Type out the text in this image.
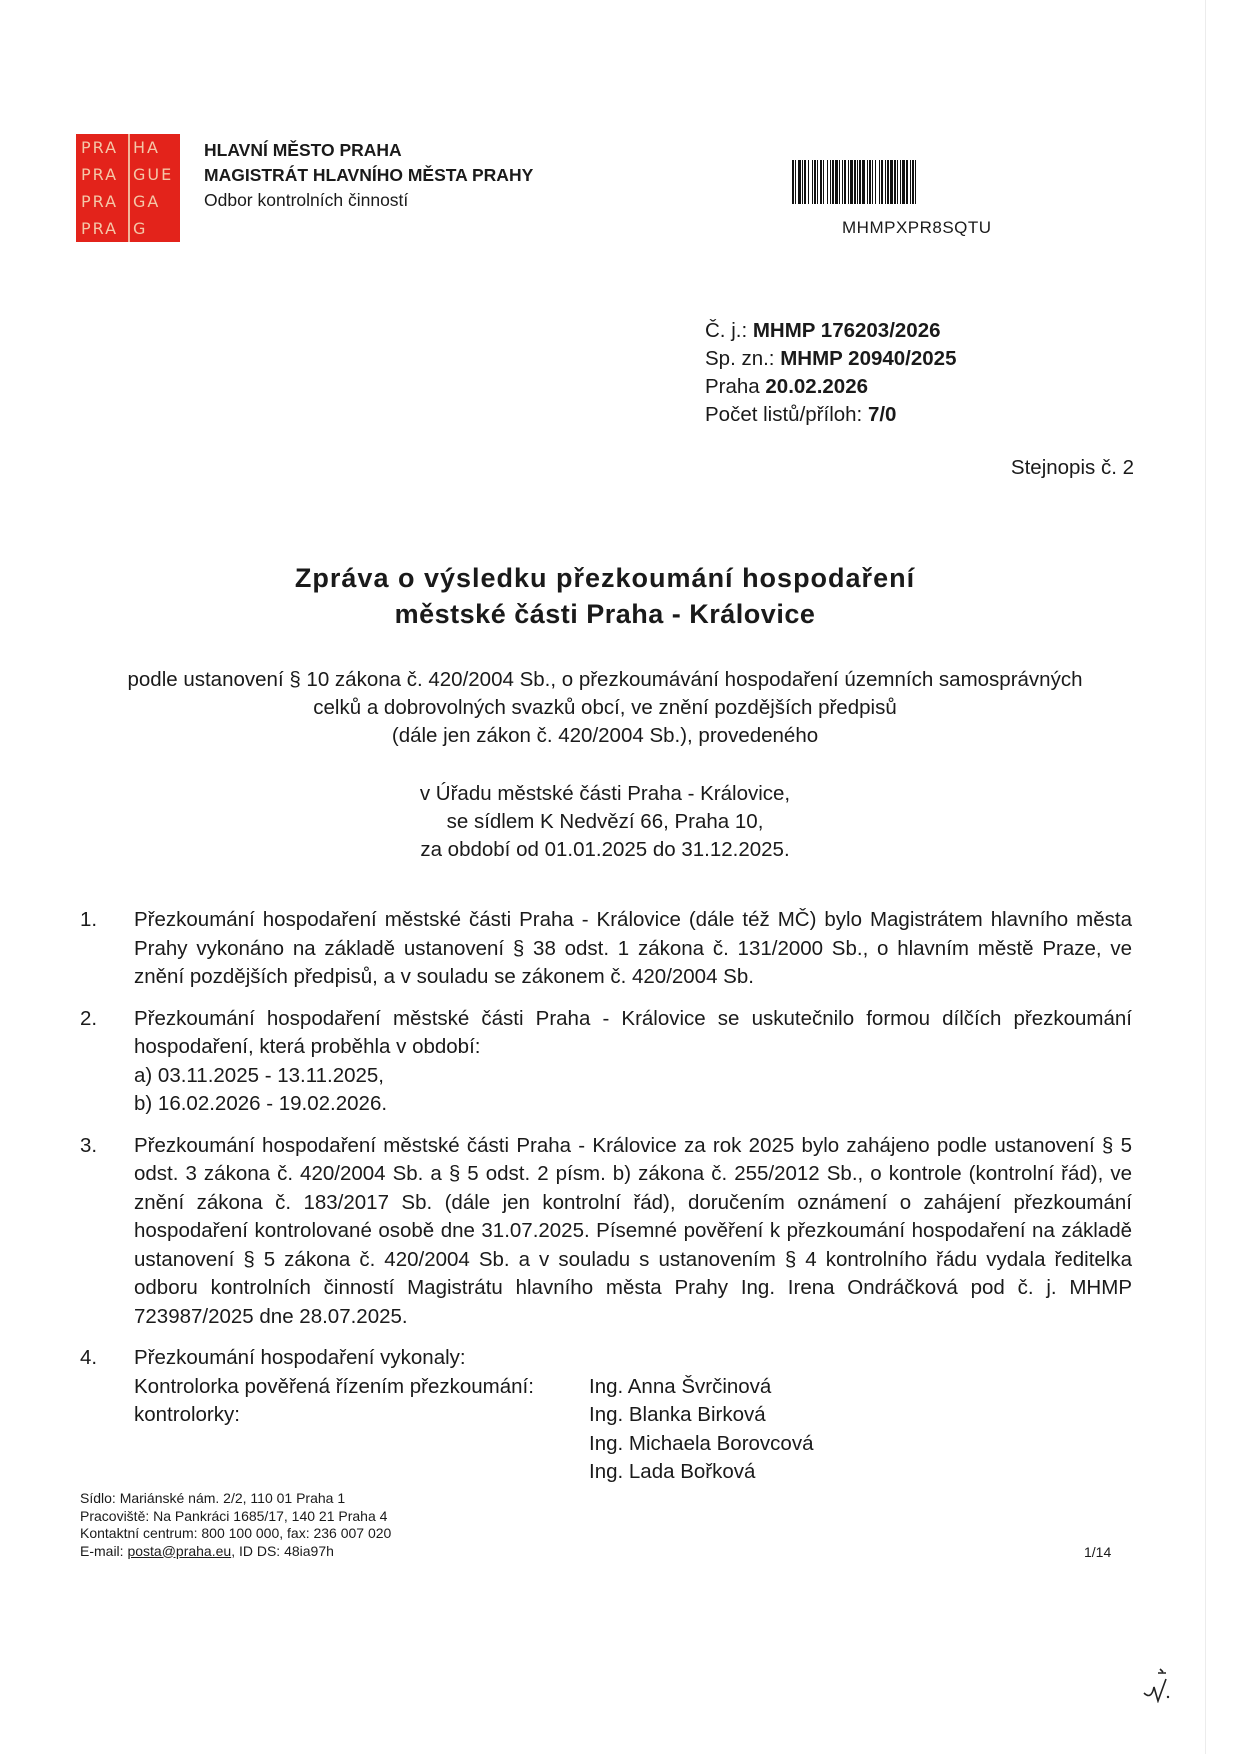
PRA HA
PRA GUE
PRA GA
PRA G
HLAVNÍ MĚSTO PRAHA
MAGISTRÁT HLAVNÍHO MĚSTA PRAHY
Odbor kontrolních činností
MHMPXPR8SQTU
Č. j.: MHMP 176203/2026
Sp. zn.: MHMP 20940/2025
Praha 20.02.2026
Počet listů/příloh: 7/0
Stejnopis č. 2
Zpráva o výsledku přezkoumání hospodaření
městské části Praha - Královice
podle ustanovení § 10 zákona č. 420/2004 Sb., o přezkoumávání hospodaření územních samosprávných
celků a dobrovolných svazků obcí, ve znění pozdějších předpisů
(dále jen zákon č. 420/2004 Sb.), provedeného
v Úřadu městské části Praha - Královice,
se sídlem K Nedvězí 66, Praha 10,
za období od 01.01.2025 do 31.12.2025.
1. Přezkoumání hospodaření městské části Praha - Královice (dále též MČ) bylo Magistrátem hlavního města Prahy vykonáno na základě ustanovení § 38 odst. 1 zákona č. 131/2000 Sb., o hlavním městě Praze, ve znění pozdějších předpisů, a v souladu se zákonem č. 420/2004 Sb.

2. Přezkoumání hospodaření městské části Praha - Královice se uskutečnilo formou dílčích přezkoumání hospodaření, která proběhla v období:

a) 03.11.2025 - 13.11.2025,
b) 16.02.2026 - 19.02.2026.
3. Přezkoumání hospodaření městské části Praha - Královice za rok 2025 bylo zahájeno podle ustanovení § 5 odst. 3 zákona č. 420/2004 Sb. a § 5 odst. 2 písm. b) zákona č. 255/2012 Sb., o kontrole (kontrolní řád), ve znění zákona č. 183/2017 Sb. (dále jen kontrolní řád), doručením oznámení o zahájení přezkoumání hospodaření kontrolované osobě dne 31.07.2025. Písemné pověření k přezkoumání hospodaření na základě ustanovení § 5 zákona č. 420/2004 Sb. a v souladu s ustanovením § 4 kontrolního řádu vydala ředitelka odboru kontrolních činností Magistrátu hlavního města Prahy Ing. Irena Ondráčková pod č. j. MHMP 723987/2025 dne 28.07.2025.

4. Přezkoumání hospodaření vykonaly:
Kontrolorka pověřená řízením přezkoumání:
kontrolorky:
Ing. Anna Švrčinová
Ing. Blanka Birková
Ing. Michaela Borovcová
Ing. Lada Bořková
Sídlo: Mariánské nám. 2/2, 110 01 Praha 1
Pracoviště: Na Pankráci 1685/17, 140 21 Praha 4
Kontaktní centrum: 800 100 000, fax: 236 007 020
E-mail: posta@praha.eu, ID DS: 48ia97h	1/14
